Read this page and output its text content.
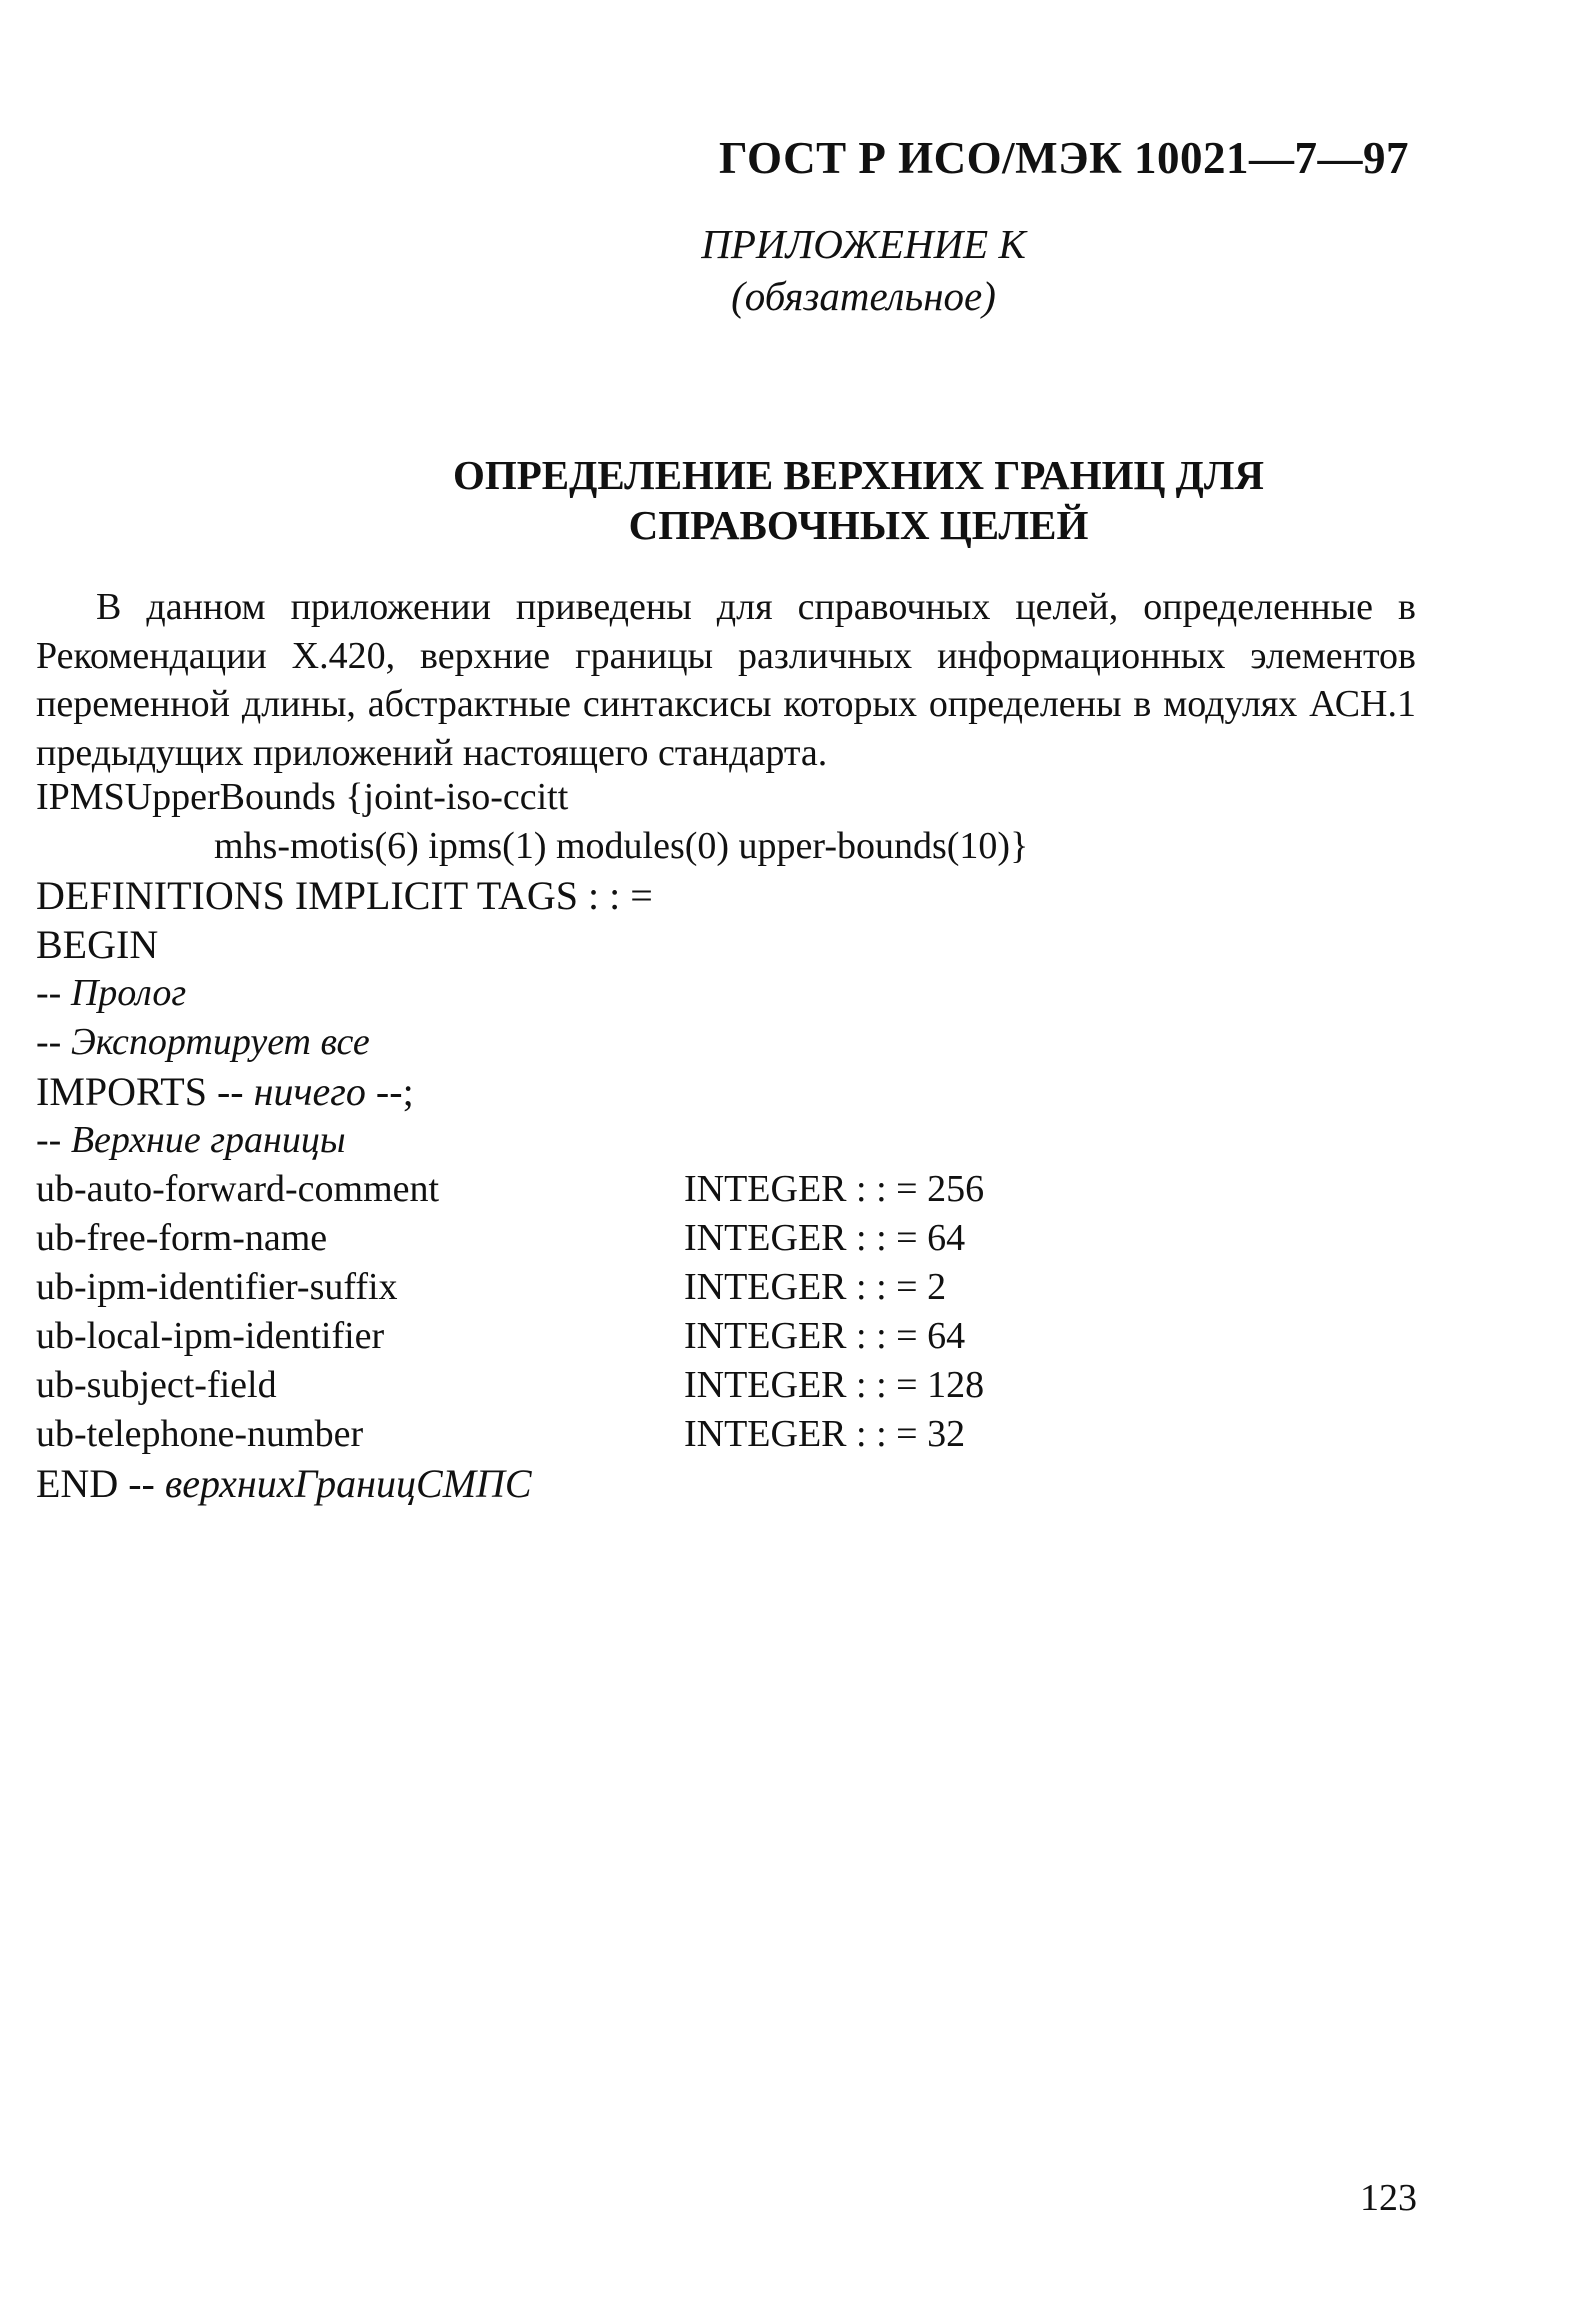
ГОСТ Р ИСО/МЭК 10021—7—97
ПРИЛОЖЕНИЕ К
(обязательное)
ОПРЕДЕЛЕНИЕ ВЕРХНИХ ГРАНИЦ ДЛЯ
СПРАВОЧНЫХ ЦЕЛЕЙ

В данном приложении приведены для справочных целей, определенные в Рекомендации Х.420, верхние границы различных информационных элементов переменной длины, абстрактные синтаксисы которых определены в модулях АСН.1 предыдущих приложений настоящего стандарта.

IPMSUpperBounds {joint-iso-ccitt
mhs-motis(6) ipms(1) modules(0) upper-bounds(10)}
DEFINITIONS IMPLICIT TAGS : : =
BEGIN
-- Пролог
-- Экспортирует все
IMPORTS -- ничего --;
-- Верхние границы
ub-auto-forward-comment	INTEGER : : = 256
ub-free-form-name	INTEGER : : = 64
ub-ipm-identifier-suffix	INTEGER : : = 2
ub-local-ipm-identifier	INTEGER : : = 64
ub-subject-field	INTEGER : : = 128
ub-telephone-number	INTEGER : : = 32
END -- верхнихГраницСМПС
123
